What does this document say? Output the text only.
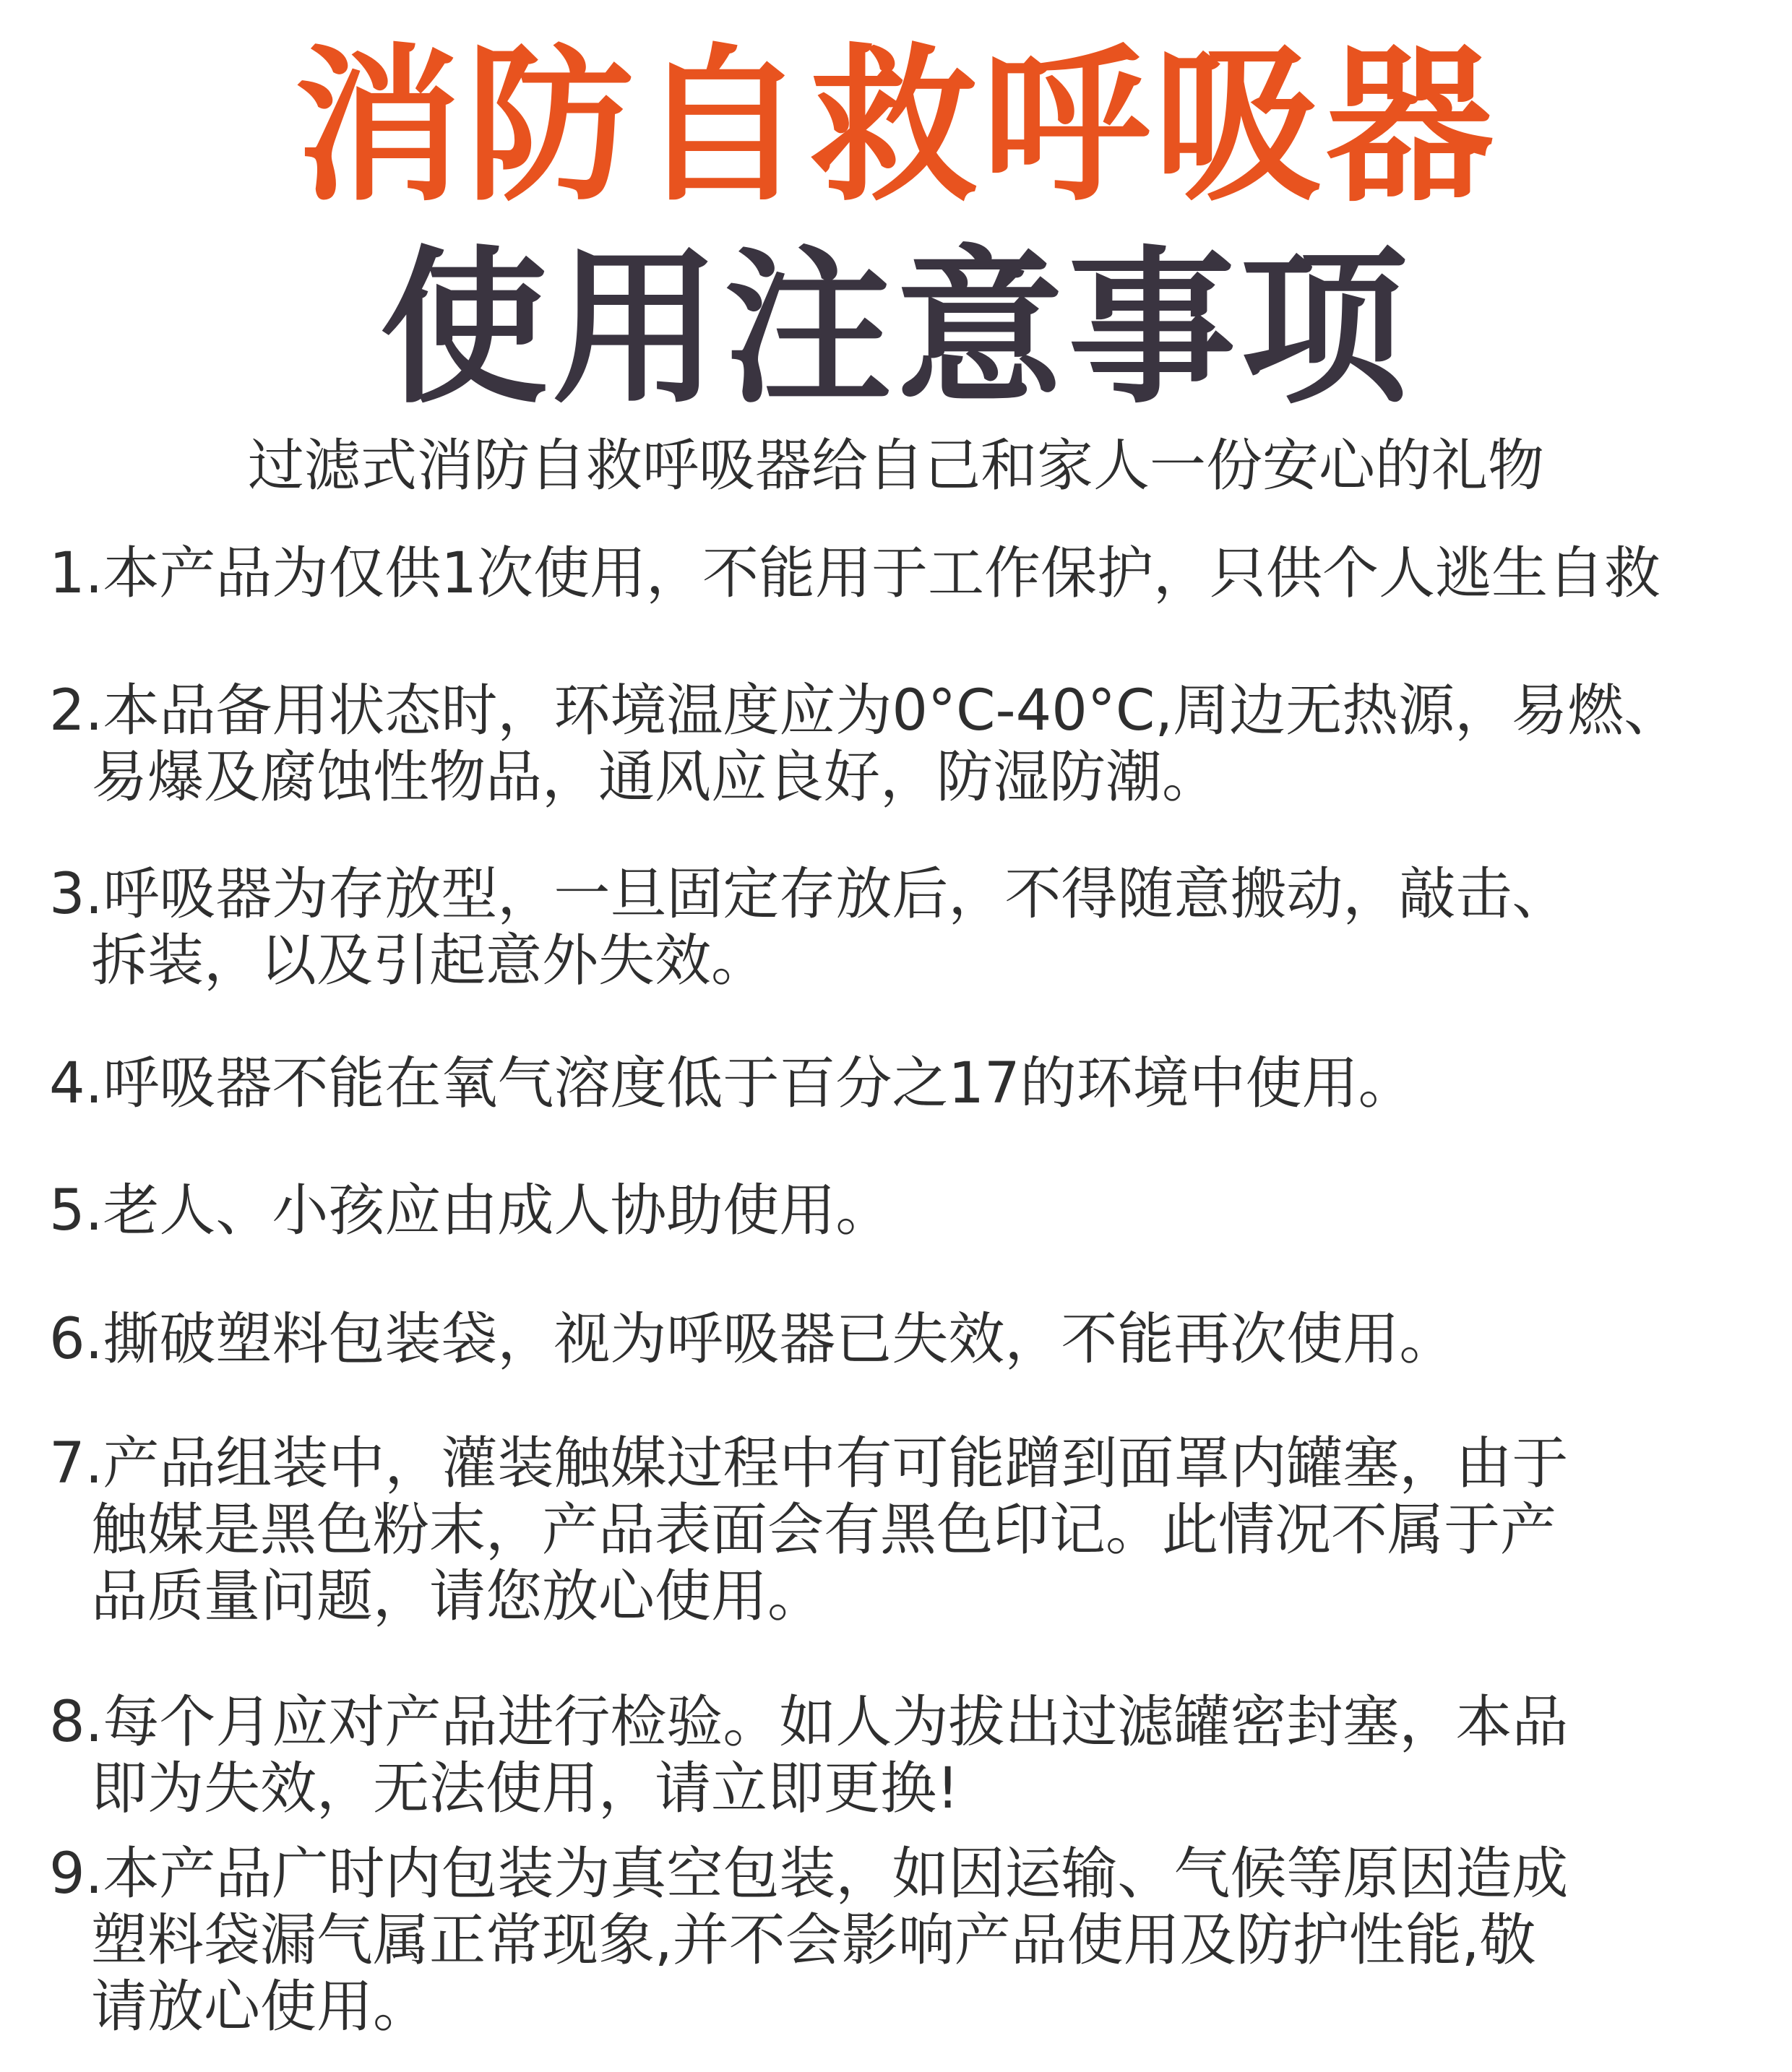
消防自救呼吸器
使用注意事项
过滤式消防自救呼吸器给自己和家人一份安心的礼物
1.本产品为仅供1次使用，不能用于工作保护，只供个人逃生自救
2.本品备用状态时，环境温度应为0°C-40°C,周边无热源，易燃、
易爆及腐蚀性物品，通风应良好，防湿防潮。
3.呼吸器为存放型，一旦固定存放后，不得随意搬动，敲击、
拆装，以及引起意外失效。
4.呼吸器不能在氧气溶度低于百分之17的环境中使用。
5.老人、小孩应由成人协助使用。
6.撕破塑料包装袋，视为呼吸器已失效，不能再次使用。
7.产品组装中，灌装触媒过程中有可能蹭到面罩内罐塞，由于
触媒是黑色粉末，产品表面会有黑色印记。此情况不属于产
品质量问题，请您放心使用。
8.每个月应对产品进行检验。如人为拔出过滤罐密封塞，本品
即为失效，无法使用，请立即更换!
9.本产品广时内包装为真空包装，如因运输、气候等原因造成
塑料袋漏气属正常现象,并不会影响产品使用及防护性能,敬
请放心使用。
